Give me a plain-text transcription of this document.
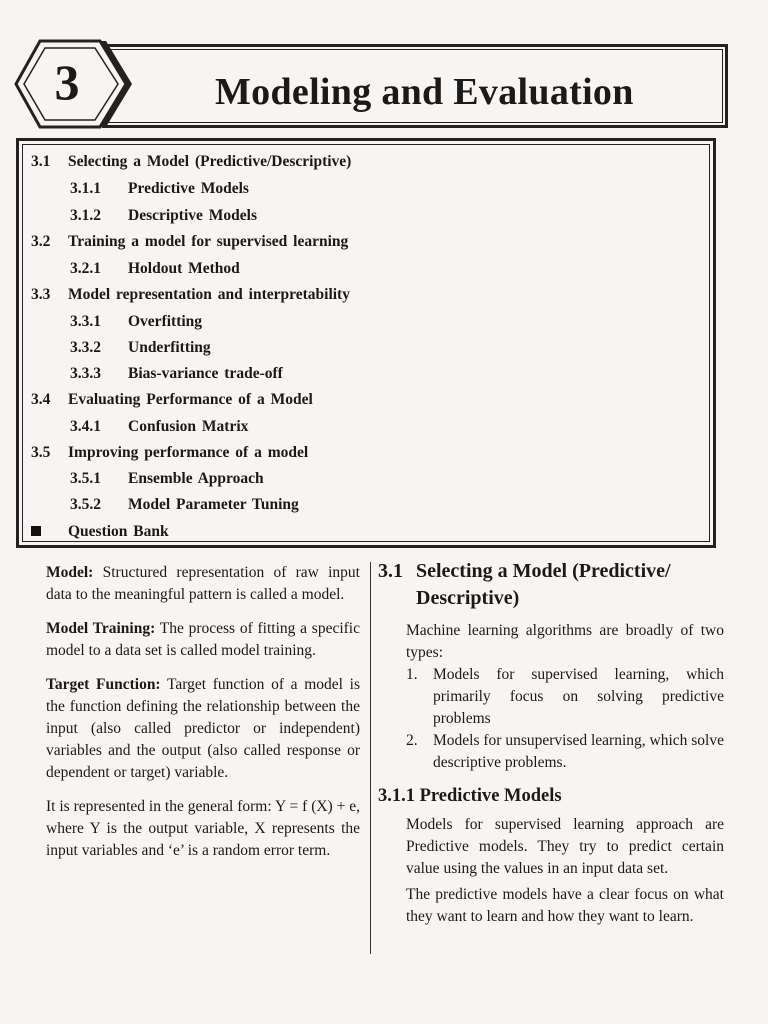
Modeling and Evaluation
3
3.1 Selecting a Model (Predictive/Descriptive)
3.1.1 Predictive Models
3.1.2 Descriptive Models
3.2 Training a model for supervised learning
3.2.1 Holdout Method
3.3 Model representation and interpretability
3.3.1 Overfitting
3.3.2 Underfitting
3.3.3 Bias-variance trade-off
3.4 Evaluating Performance of a Model
3.4.1 Confusion Matrix
3.5 Improving performance of a model
3.5.1 Ensemble Approach
3.5.2 Model Parameter Tuning
Question Bank

Model: Structured representation of raw input data to the meaningful pattern is called a model.

Model Training: The process of fitting a specific model to a data set is called model training.

Target Function: Target function of a model is the function defining the relationship between the input (also called predictor or independent) variables and the output (also called response or dependent or target) variable.

It is represented in the general form: Y = f (X) + e, where Y is the output variable, X represents the input variables and ‘e’ is a random error term.

3.1 Selecting a Model (Predictive/ Descriptive)

Machine learning algorithms are broadly of two types:

1. Models for supervised learning, which primarily focus on solving predictive problems
2. Models for unsupervised learning, which solve descriptive problems.
3.1.1 Predictive Models

Models for supervised learning approach are Predictive models. They try to predict certain value using the values in an input data set.

The predictive models have a clear focus on what they want to learn and how they want to learn.
